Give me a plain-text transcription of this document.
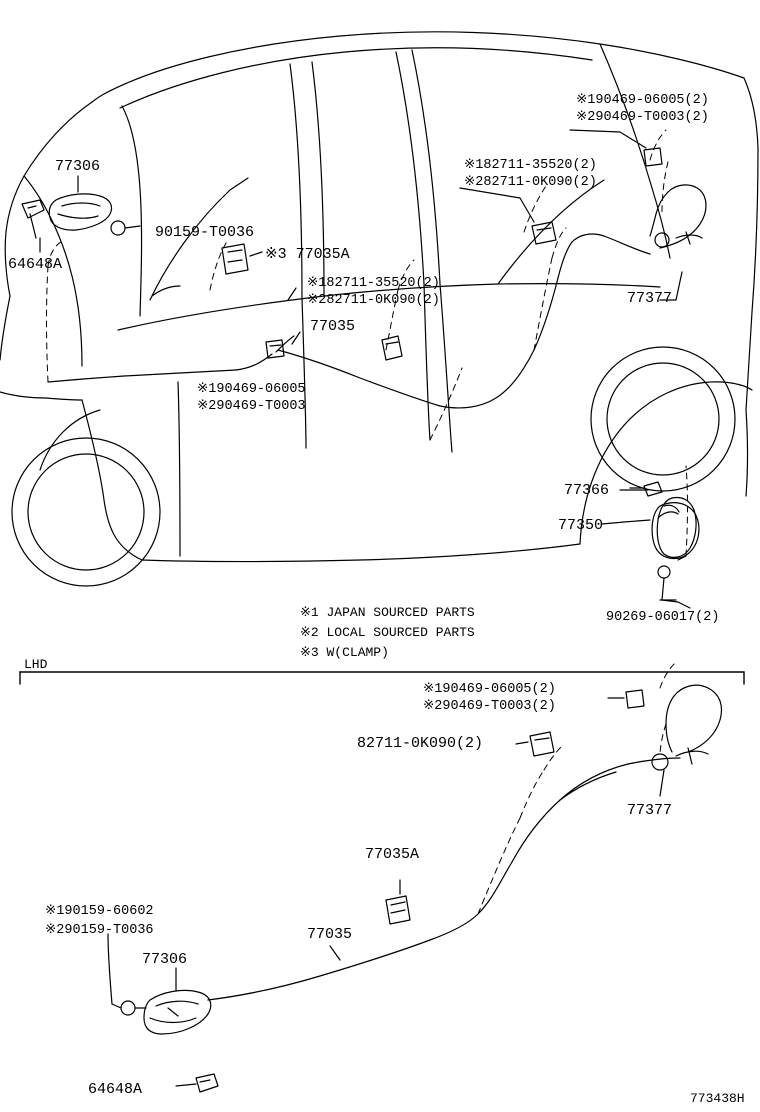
77306
64648A
90159-T0036
※3 77035A
※182711-35520(2)
※282711-0K090(2)
77035
※190469-06005
※290469-T0003
※182711-35520(2)
※282711-0K090(2)
※190469-06005(2)
※290469-T0003(2)
77377
77366
77350
90269-06017(2)
※1 JAPAN SOURCED PARTS
※2 LOCAL SOURCED PARTS
※3 W(CLAMP)
LHD
※190469-06005(2)
※290469-T0003(2)
82711-0K090(2)
77377
77035A
※190159-60602
※290159-T0036	77035
77306
64648A
773438H
